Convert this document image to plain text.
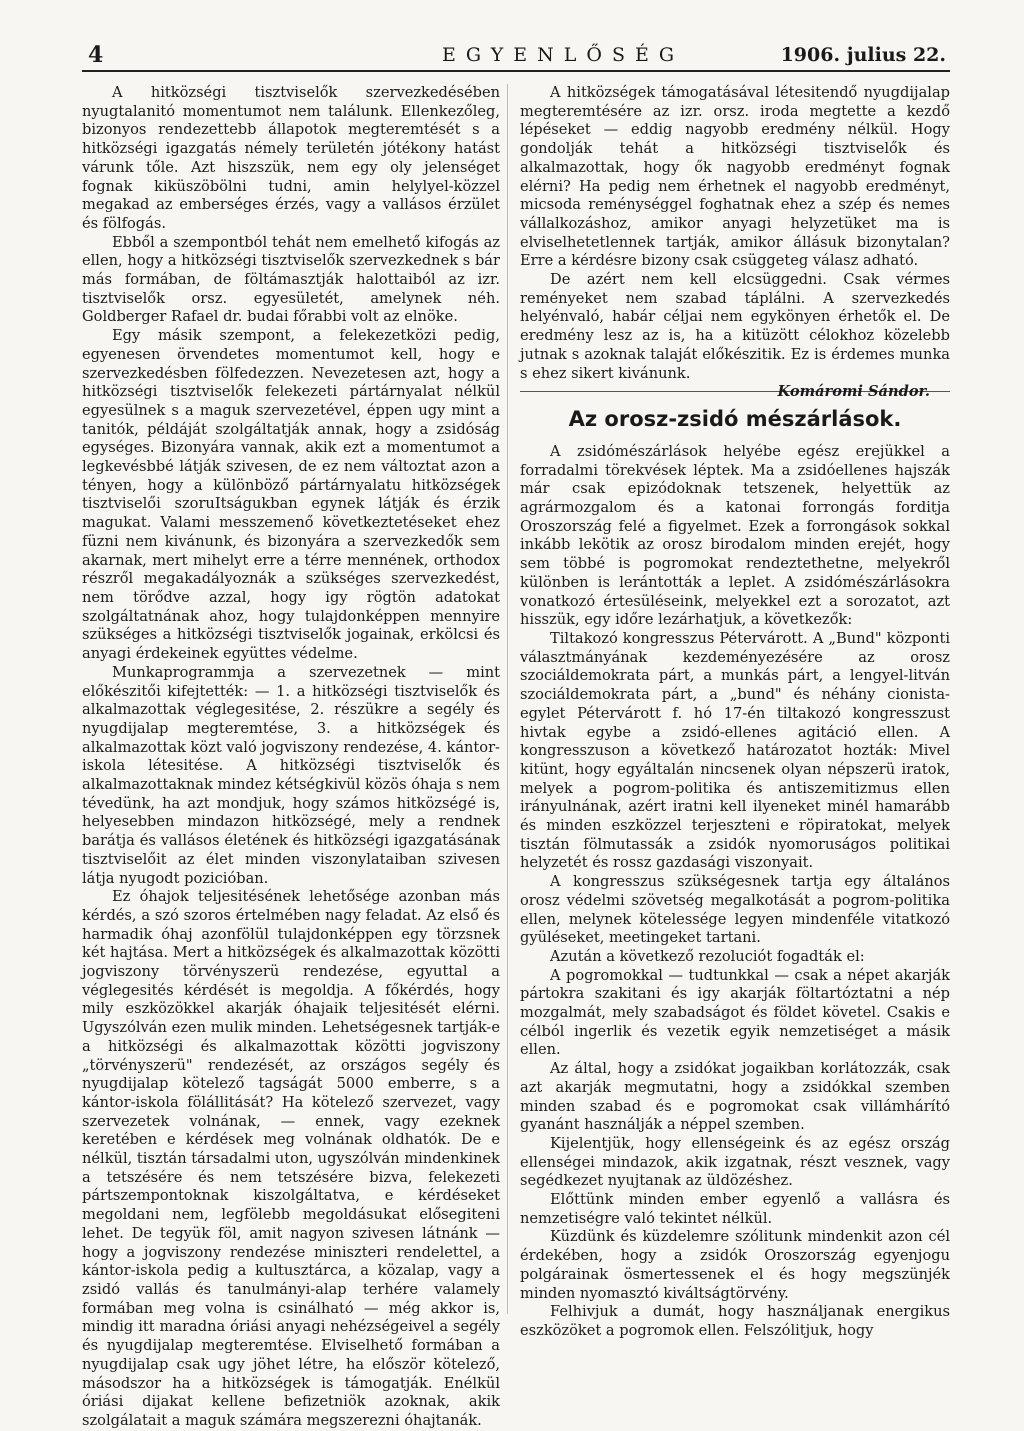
4	EGYENLŐSÉG	1906. julius 22.

A hitközségi tisztviselők szervezkedésében nyugtalanitó momentumot nem találunk. Ellenkezőleg, bizonyos rendezettebb állapotok megteremtését s a hitközségi igazgatás némely területén jótékony hatást várunk tőle. Azt hiszszük, nem egy oly jelenséget fognak kiküszöbölni tudni, amin helylyel-közzel megakad az emberséges érzés, vagy a vallásos érzület és fölfogás.

Ebből a szempontból tehát nem emelhető kifogás az ellen, hogy a hitközségi tisztviselők szervezkednek s bár más formában, de föltámasztják halottaiból az izr. tisztviselők orsz. egyesületét, amelynek néh. Goldberger Rafael dr. budai főrabbi volt az elnöke.

Egy másik szempont, a felekezetközi pedig, egyenesen örvendetes momentumot kell, hogy e szervezkedésben fölfedezzen. Nevezetesen azt, hogy a hitközségi tisztviselők felekezeti pártárnyalat nélkül egyesülnek s a maguk szervezetével, éppen ugy mint a tanitók, példáját szolgáltatják annak, hogy a zsidóság egységes. Bizonyára vannak, akik ezt a momentumot a legkevésbbé látják szivesen, de ez nem változtat azon a tényen, hogy a különböző pártárnyalatu hitközségek tisztviselői szoruItságukban egynek látják és érzik magukat. Valami messzemenő következtetéseket ehez füzni nem kivánunk, és bizonyára a szervezkedők sem akarnak, mert mihelyt erre a térre mennének, orthodox részről megakadályoznák a szükséges szervezkedést, nem törődve azzal, hogy igy rögtön adatokat szolgáltatnának ahoz, hogy tulajdonképpen mennyire szükséges a hitközségi tisztviselők jogainak, erkölcsi és anyagi érdekeinek együttes védelme.

Munkaprogrammja a szervezetnek — mint előkészitői kifejtették: — 1. a hitközségi tisztviselők és alkalmazottak véglegesitése, 2. részükre a segély és nyugdijalap megteremtése, 3. a hitközségek és alkalmazottak közt való jogviszony rendezése, 4. kántor-iskola létesitése. A hitközségi tisztviselők és alkalmazottaknak mindez kétségkivül közös óhaja s nem tévedünk, ha azt mondjuk, hogy számos hitközségé is, helyesebben mindazon hitközségé, mely a rendnek barátja és vallásos életének és hitközségi igazgatásának tisztviselőit az élet minden viszonylataiban szivesen látja nyugodt pozicióban.

Ez óhajok teljesitésének lehetősége azonban más kérdés, a szó szoros értelmében nagy feladat. Az első és harmadik óhaj azonfölül tulajdonképpen egy törzsnek két hajtása. Mert a hitközségek és alkalmazottak közötti jogviszony törvényszerü rendezése, egyuttal a véglegesités kérdését is megoldja. A főkérdés, hogy mily eszközökkel akarják óhajaik teljesitését elérni. Ugyszólván ezen mulik minden. Lehetségesnek tartják-e a hitközségi és alkalmazottak közötti jogviszony „törvényszerü" rendezését, az országos segély és nyugdijalap kötelező tagságát 5000 emberre, s a kántor-iskola fölállitását? Ha kötelező szervezet, vagy szervezetek volnának, — ennek, vagy ezeknek keretében e kérdések meg volnának oldhatók. De e nélkül, tisztán társadalmi uton, ugyszólván mindenkinek a tetszésére és nem tetszésére bizva, felekezeti pártszempontoknak kiszolgáltatva, e kérdéseket megoldani nem, legfölebb megoldásukat elősegiteni lehet. De tegyük föl, amit nagyon szivesen látnánk — hogy a jogviszony rendezése miniszteri rendelettel, a kántor-iskola pedig a kultusztárca, a közalap, vagy a zsidó vallás és tanulmányi-alap terhére valamely formában meg volna is csinálható — még akkor is, mindig itt maradna óriási anyagi nehézségeivel a segély és nyugdijalap megteremtése. Elviselhető formában a nyugdijalap csak ugy jöhet létre, ha először kötelező, másodszor ha a hitközségek is támogatják. Enélkül óriási dijakat kellene befizetniök azoknak, akik szolgálatait a maguk számára megszerezni óhajtanák.

A hitközségek támogatásával létesitendő nyugdijalap megteremtésére az izr. orsz. iroda megtette a kezdő lépéseket — eddig nagyobb eredmény nélkül. Hogy gondolják tehát a hitközségi tisztviselők és alkalmazottak, hogy ők nagyobb eredményt fognak elérni? Ha pedig nem érhetnek el nagyobb eredményt, micsoda reménységgel foghatnak ehez a szép és nemes vállalkozáshoz, amikor anyagi helyzetüket ma is elviselhetetlennek tartják, amikor állásuk bizonytalan? Erre a kérdésre bizony csak csüggeteg válasz adható.

De azért nem kell elcsüggedni. Csak vérmes reményeket nem szabad táplálni. A szervezkedés helyénvaló, habár céljai nem egykönyen érhetők el. De eredmény lesz az is, ha a kitüzött célokhoz közelebb jutnak s azoknak talaját előkészitik. Ez is érdemes munka s ehez sikert kivánunk.

Komáromi Sándor.
Az orosz-zsidó mészárlások.

A zsidómészárlások helyébe egész erejükkel a forradalmi törekvések léptek. Ma a zsidóellenes hajszák már csak epizódoknak tetszenek, helyettük az agrármozgalom és a katonai forrongás forditja Oroszország felé a figyelmet. Ezek a forrongások sokkal inkább lekötik az orosz birodalom minden erejét, hogy sem többé is pogromokat rendeztethetne, melyekről különben is lerántották a leplet. A zsidómészárlásokra vonatkozó értesüléseink, melyekkel ezt a sorozatot, azt hisszük, egy időre lezárhatjuk, a következők:

Tiltakozó kongresszus Pétervárott. A „Bund" központi választmányának kezdeményezésére az orosz szociáldemokrata párt, a munkás párt, a lengyel-litván szociáldemokrata párt, a „bund" és néhány cionista-egylet Pétervárott f. hó 17-én tiltakozó kongresszust hivtak egybe a zsidó-ellenes agitáció ellen. A kongresszuson a következő határozatot hozták: Mivel kitünt, hogy egyáltalán nincsenek olyan népszerü iratok, melyek a pogrom-politika és antiszemitizmus ellen irányulnának, azért iratni kell ilyeneket minél hamarább és minden eszközzel terjeszteni e röpiratokat, melyek tisztán fölmutassák a zsidók nyomoruságos politikai helyzetét és rossz gazdasági viszonyait.

A kongresszus szükségesnek tartja egy általános orosz védelmi szövetség megalkotását a pogrom-politika ellen, melynek kötelessége legyen mindenféle vitatkozó gyüléseket, meetingeket tartani.

Azután a következő rezoluciót fogadták el:

A pogromokkal — tudtunkkal — csak a népet akarják pártokra szakitani és igy akarják föltartóztatni a nép mozgalmát, mely szabadságot és földet követel. Csakis e célból ingerlik és vezetik egyik nemzetiséget a másik ellen.

Az által, hogy a zsidókat jogaikban korlátozzák, csak azt akarják megmutatni, hogy a zsidókkal szemben minden szabad és e pogromokat csak villámhárító gyanánt használják a néppel szemben.

Kijelentjük, hogy ellenségeink és az egész ország ellenségei mindazok, akik izgatnak, részt vesznek, vagy segédkezet nyujtanak az üldözéshez.

Előttünk minden ember egyenlő a vallásra és nemzetiségre való tekintet nélkül.

Küzdünk és küzdelemre szólitunk mindenkit azon cél érdekében, hogy a zsidók Oroszország egyenjogu polgárainak ösmertessenek el és hogy megszünjék minden nyomasztó kiváltságtörvény.

Felhivjuk a dumát, hogy használjanak energikus eszközöket a pogromok ellen. Felszólitjuk, hogy
